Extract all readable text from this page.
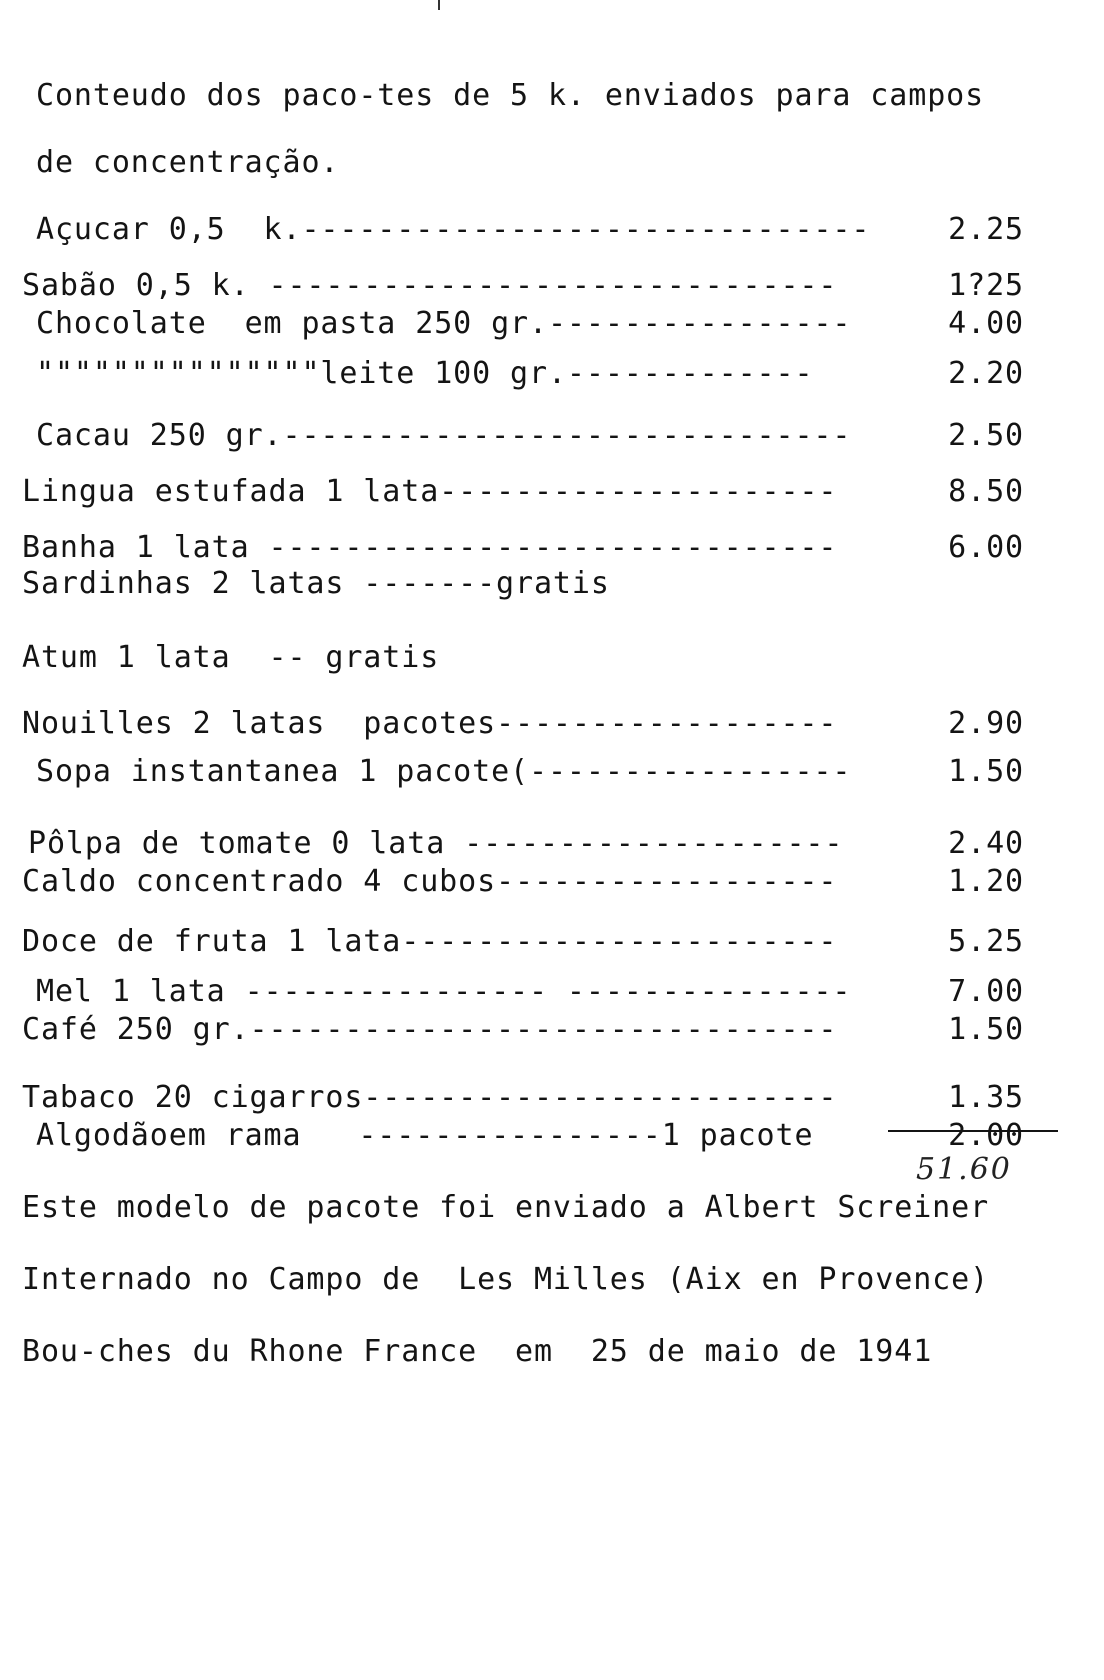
Conteudo dos paco-tes de 5 k. enviados para campos
de concentração.
Açucar 0,5  k.------------------------------	2.25
Sabão 0,5 k. ------------------------------	1?25
Chocolate  em pasta 250 gr.----------------	4.00
"""""""""""""""leite 100 gr.-------------	2.20
Cacau 250 gr.------------------------------	2.50
Lingua estufada 1 lata---------------------	8.50
Banha 1 lata ------------------------------	6.00
Sardinhas 2 latas -------gratis
Atum 1 lata  -- gratis
Nouilles 2 latas  pacotes------------------	2.90
Sopa instantanea 1 pacote(-----------------	1.50
Pôlpa de tomate 0 lata --------------------	2.40
Caldo concentrado 4 cubos------------------	1.20
Doce de fruta 1 lata-----------------------	5.25
Mel 1 lata ---------------- ---------------	7.00
Café 250 gr.-------------------------------	1.50
Tabaco 20 cigarros-------------------------	1.35
Algodãoem rama   ----------------1 pacote	2.00
51.60
Este modelo de pacote foi enviado a Albert Screiner
Internado no Campo de  Les Milles (Aix en Provence)
Bou-ches du Rhone France  em  25 de maio de 1941
